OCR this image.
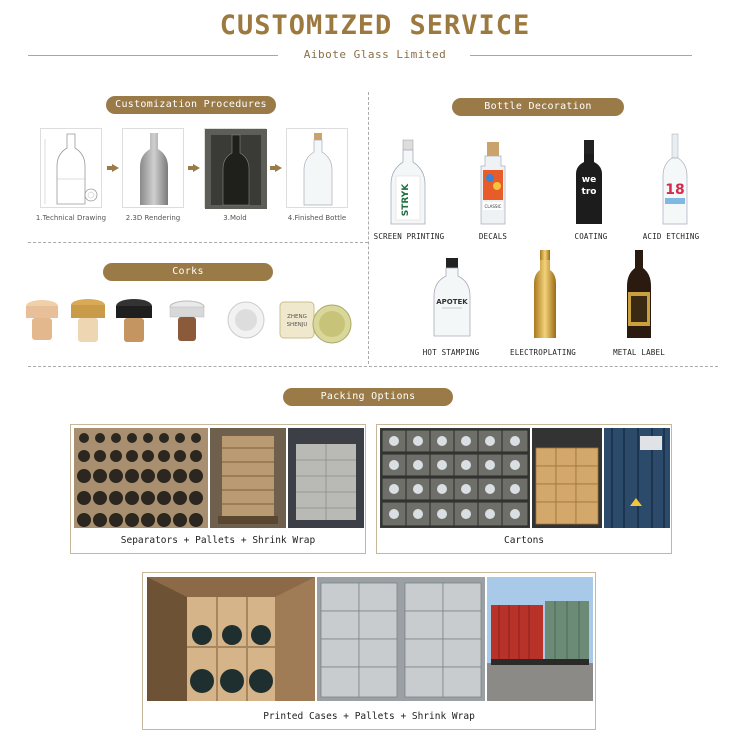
CUSTOMIZED SERVICE
Aibote Glass Limited
Customization Procedures
1.Technical Drawing	2.3D Rendering	3.Mold	4.Finished Bottle
Corks
ZHENG
SHENJU
Bottle Decoration
STRYK
SCREEN PRINTING
CLASSIC
DECALS
we
tro
COATING
18
ACID ETCHING
APOTEK
HOT STAMPING	ELECTROPLATING	METAL LABEL
Packing Options
Separators + Pallets + Shrink Wrap	Cartons
Printed Cases + Pallets + Shrink Wrap
